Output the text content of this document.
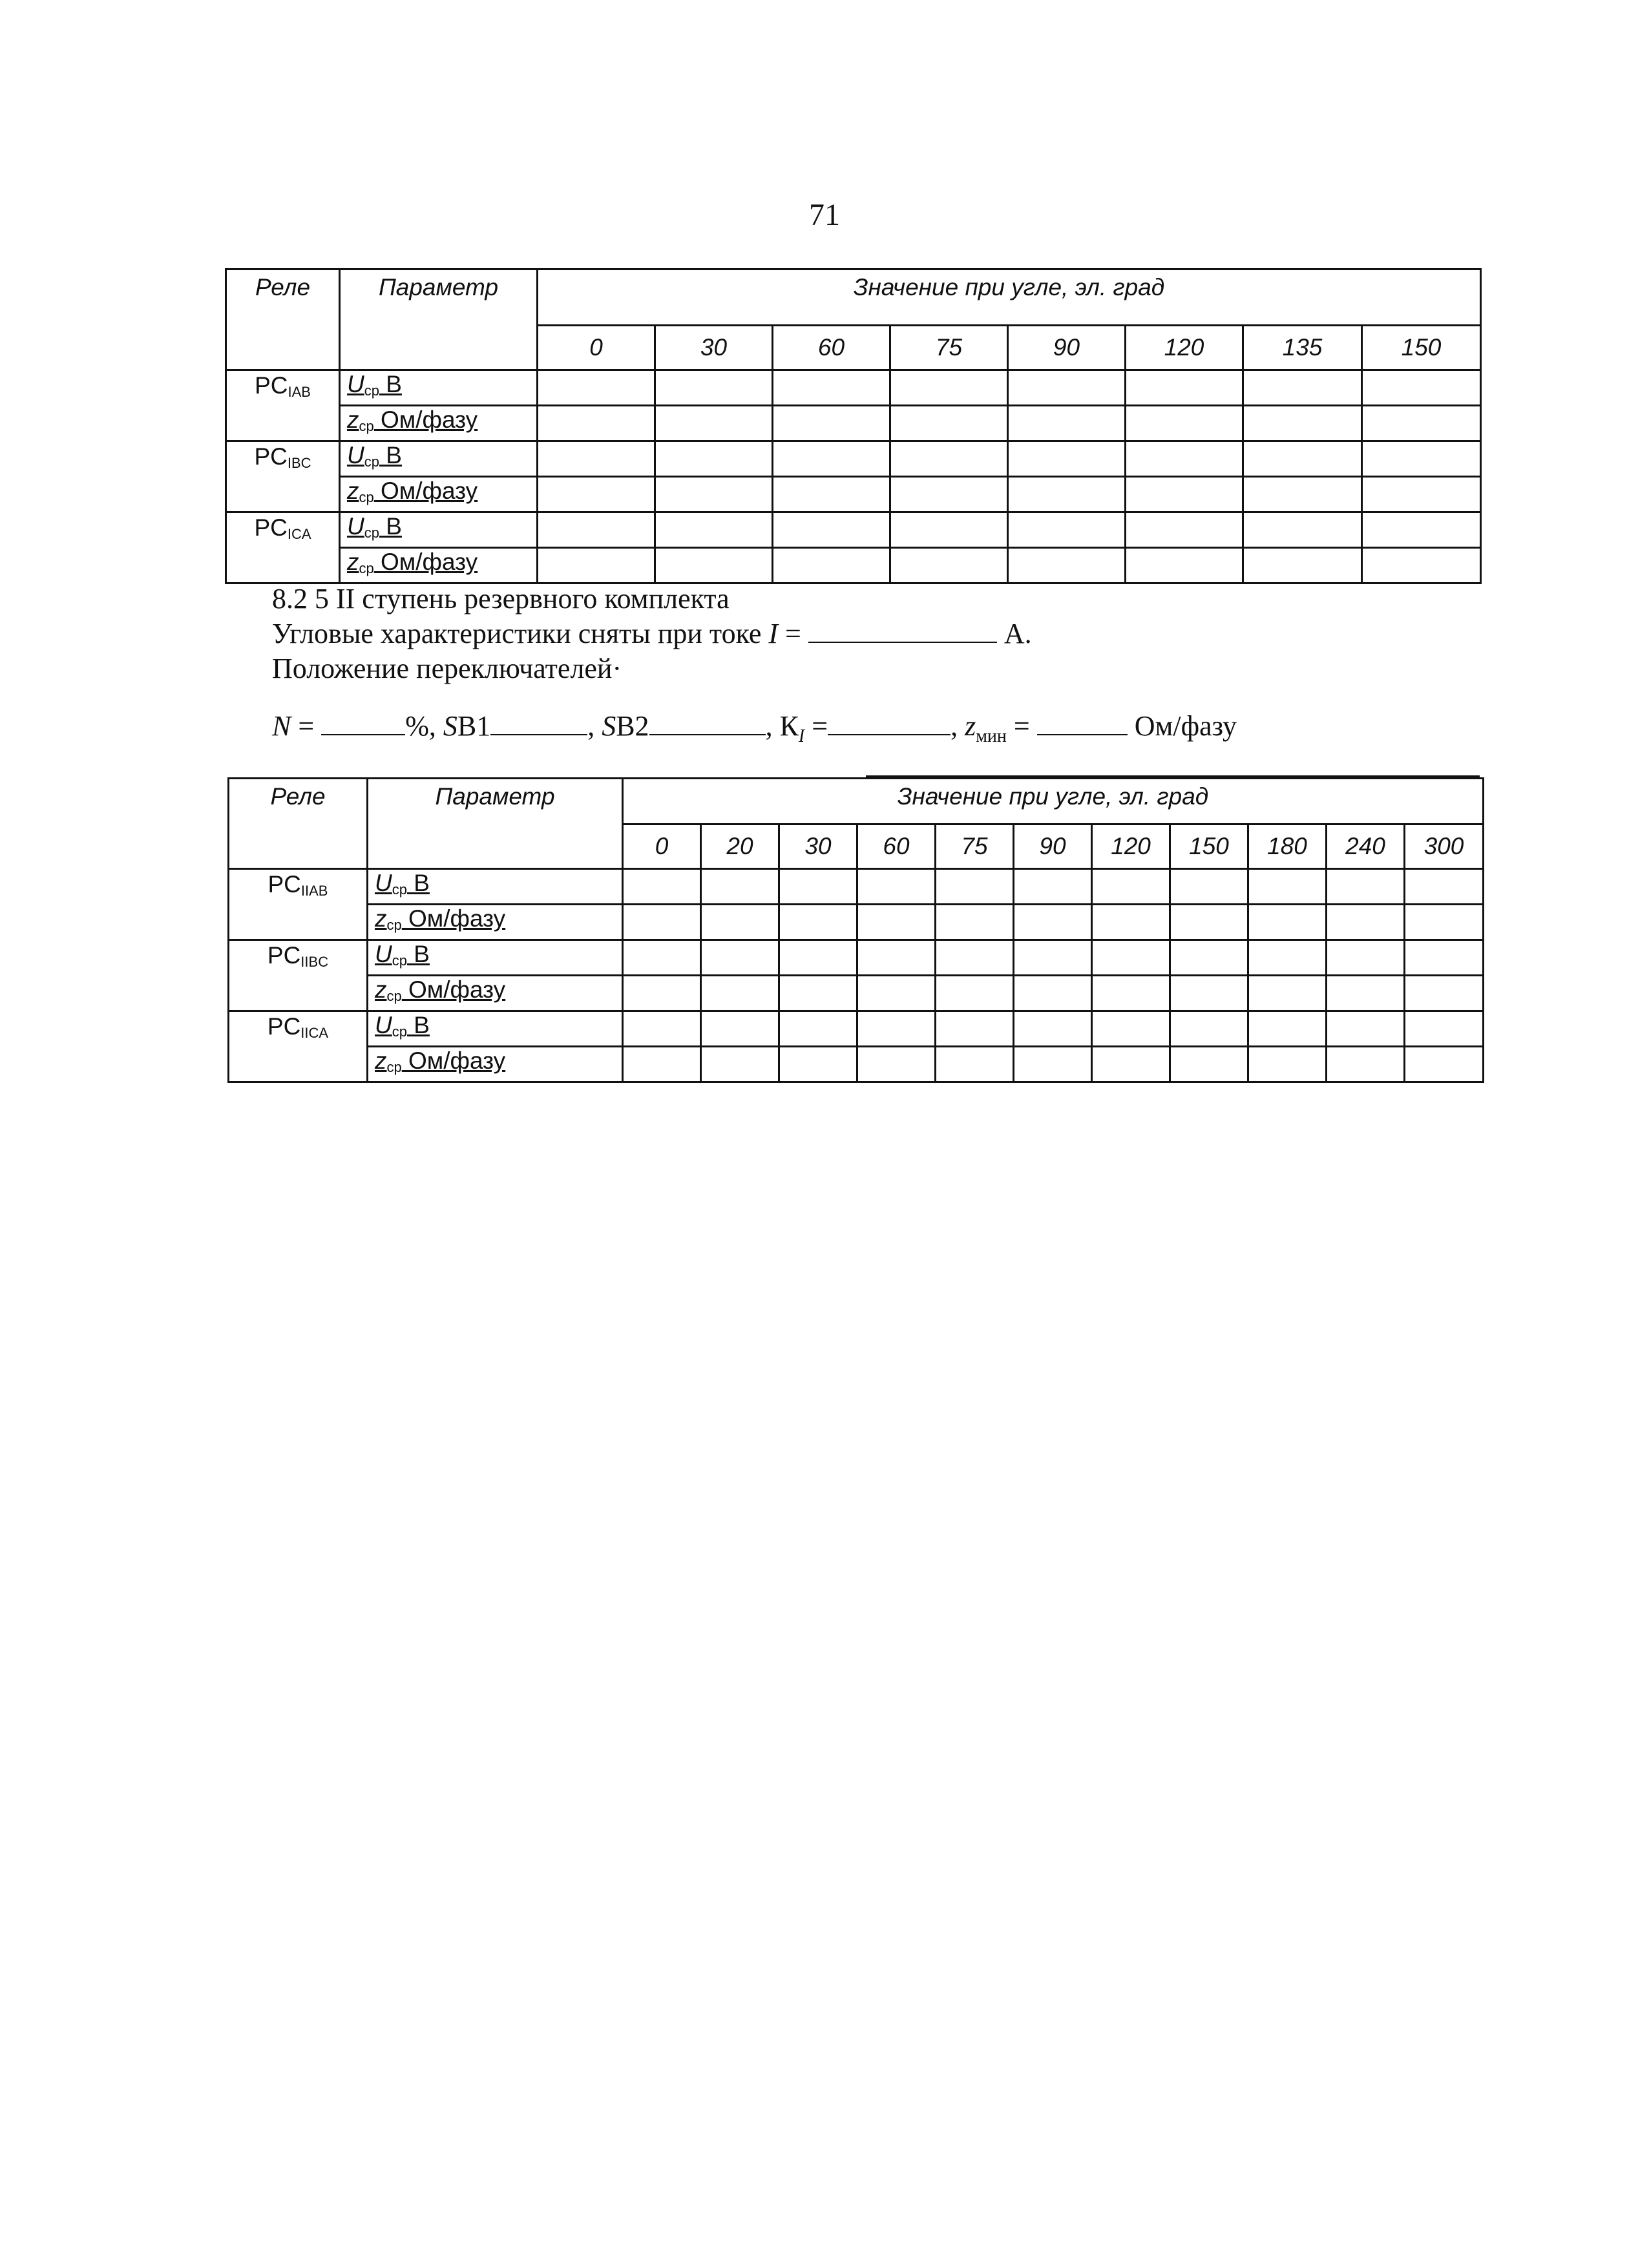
71
Реле	Параметр	Значение при угле, эл. град							
		0	30	60	75	90	120	135	150
$PC_{IAB}$	$U_{ср}$ В								
	$z_{ср}$ Ом/фазу								
$PC_{IBC}$	$U_{ср}$ В								
	$z_{ср}$ Ом/фазу								
$PC_{ICA}$	$U_{ср}$ В								
	$z_{ср}$ Ом/фазу								
8.2 5 II ступень резервного комплекта
Угловые характеристики сняты при токе I =	А.
Положение переключателей·
N =	%, SB1	, SB2	, $К_I$ =	, $z_{мин}$ =	Ом/фазу
Реле	Параметр	Значение при угле, эл. град										
		0	20	30	60	75	90	120	150	180	240	300
$PC_{IIAB}$	$U_{ср}$ В											
	$z_{ср}$ Ом/фазу											
$PC_{IIBC}$	$U_{ср}$ В											
	$z_{ср}$ Ом/фазу											
$PC_{IICA}$	$U_{ср}$ В											
	$z_{ср}$ Ом/фазу											
